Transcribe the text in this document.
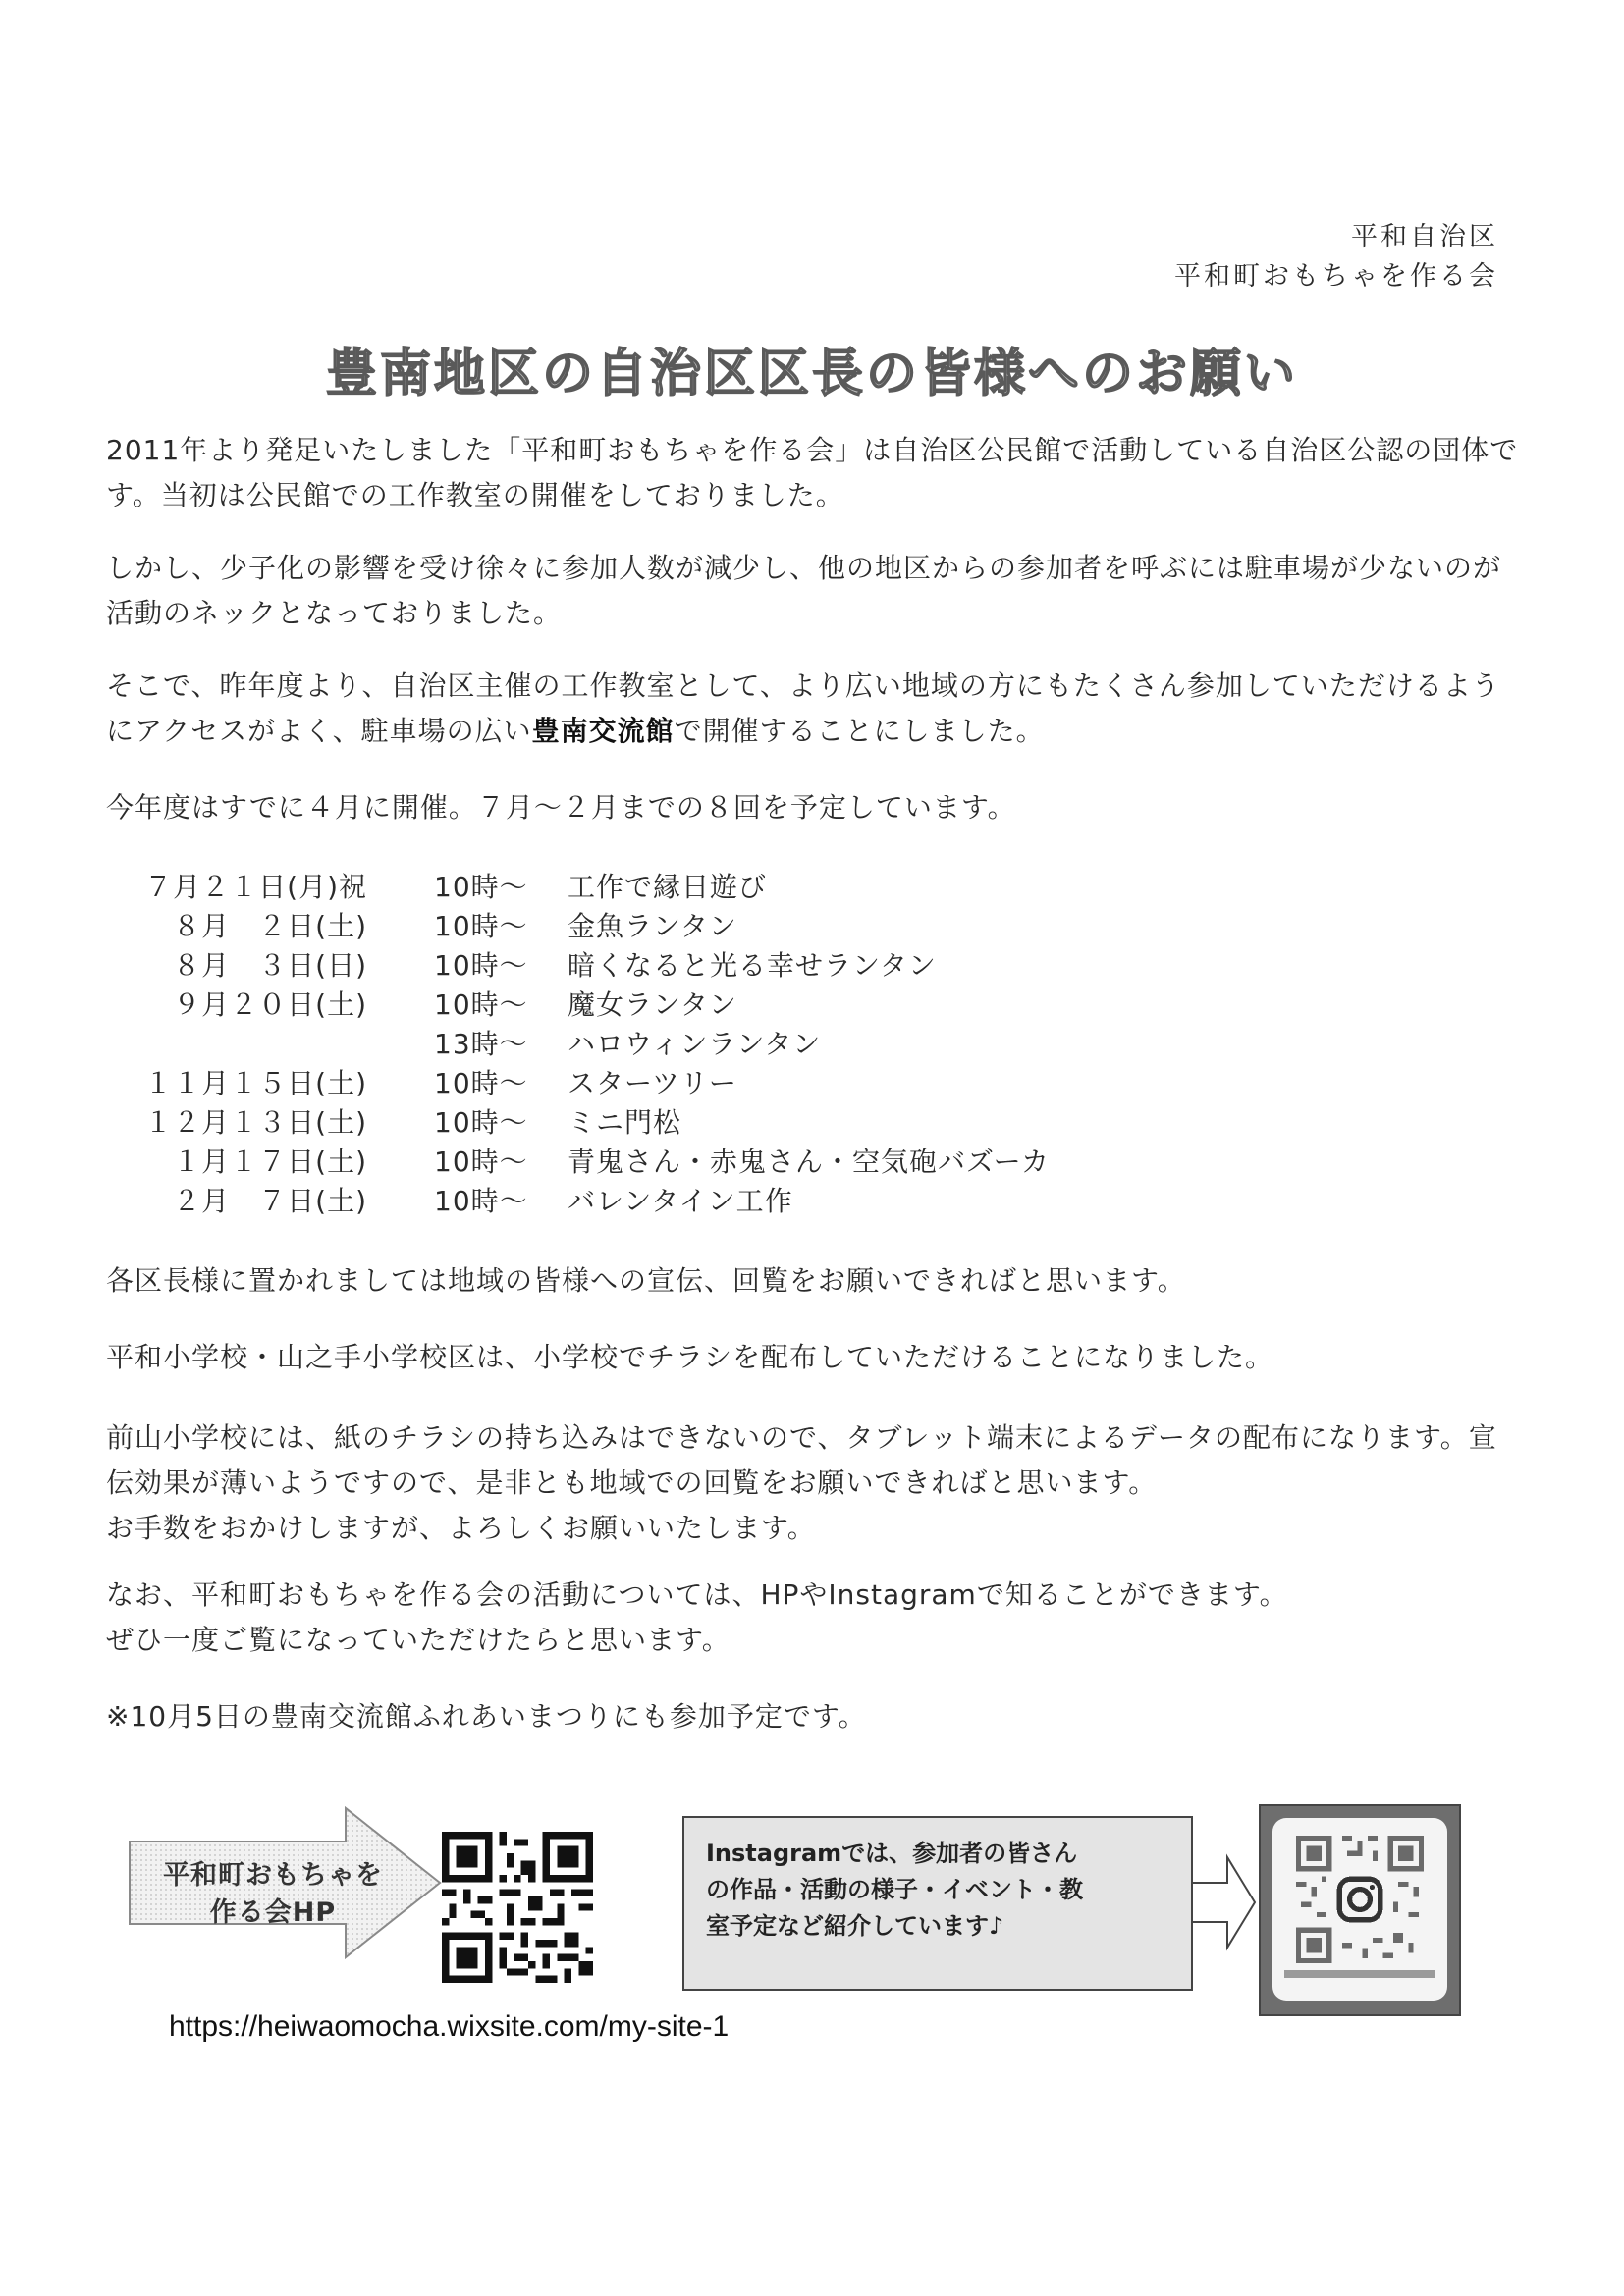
平和自治区
平和町おもちゃを作る会
豊南地区の自治区区長の皆様へのお願い

2011年より発足いたしました「平和町おもちゃを作る会」は自治区公民館で活動している自治区公認の団体です。当初は公民館での工作教室の開催をしておりました。

しかし、少子化の影響を受け徐々に参加人数が減少し、他の地区からの参加者を呼ぶには駐車場が少ないのが活動のネックとなっておりました。

そこで、昨年度より、自治区主催の工作教室として、より広い地域の方にもたくさん参加していただけるようにアクセスがよく、駐車場の広い豊南交流館で開催することにしました。

今年度はすでに４月に開催。７月～２月までの８回を予定しています。

７月２１日(月)祝 10時～ 工作で縁日遊び
８月　２日(土) 10時～ 金魚ランタン
８月　３日(日) 10時～ 暗くなると光る幸せランタン
９月２０日(土) 10時～ 魔女ランタン
13時～ ハロウィンランタン
１１月１５日(土) 10時～ スターツリー
１２月１３日(土) 10時～ ミニ門松
１月１７日(土) 10時～ 青鬼さん・赤鬼さん・空気砲バズーカ
２月　７日(土) 10時～ バレンタイン工作

各区長様に置かれましては地域の皆様への宣伝、回覧をお願いできればと思います。

平和小学校・山之手小学校区は、小学校でチラシを配布していただけることになりました。

前山小学校には、紙のチラシの持ち込みはできないので、タブレット端末によるデータの配布になります。宣伝効果が薄いようですので、是非とも地域での回覧をお願いできればと思います。

お手数をおかけしますが、よろしくお願いいたします。

なお、平和町おもちゃを作る会の活動については、HPやInstagramで知ることができます。

ぜひ一度ご覧になっていただけたらと思います。

※10月5日の豊南交流館ふれあいまつりにも参加予定です。

平和町おもちゃを
作る会HP
https://heiwaomocha.wixsite.com/my-site-1
Instagramでは、参加者の皆さん
の作品・活動の様子・イベント・教
室予定など紹介しています♪
